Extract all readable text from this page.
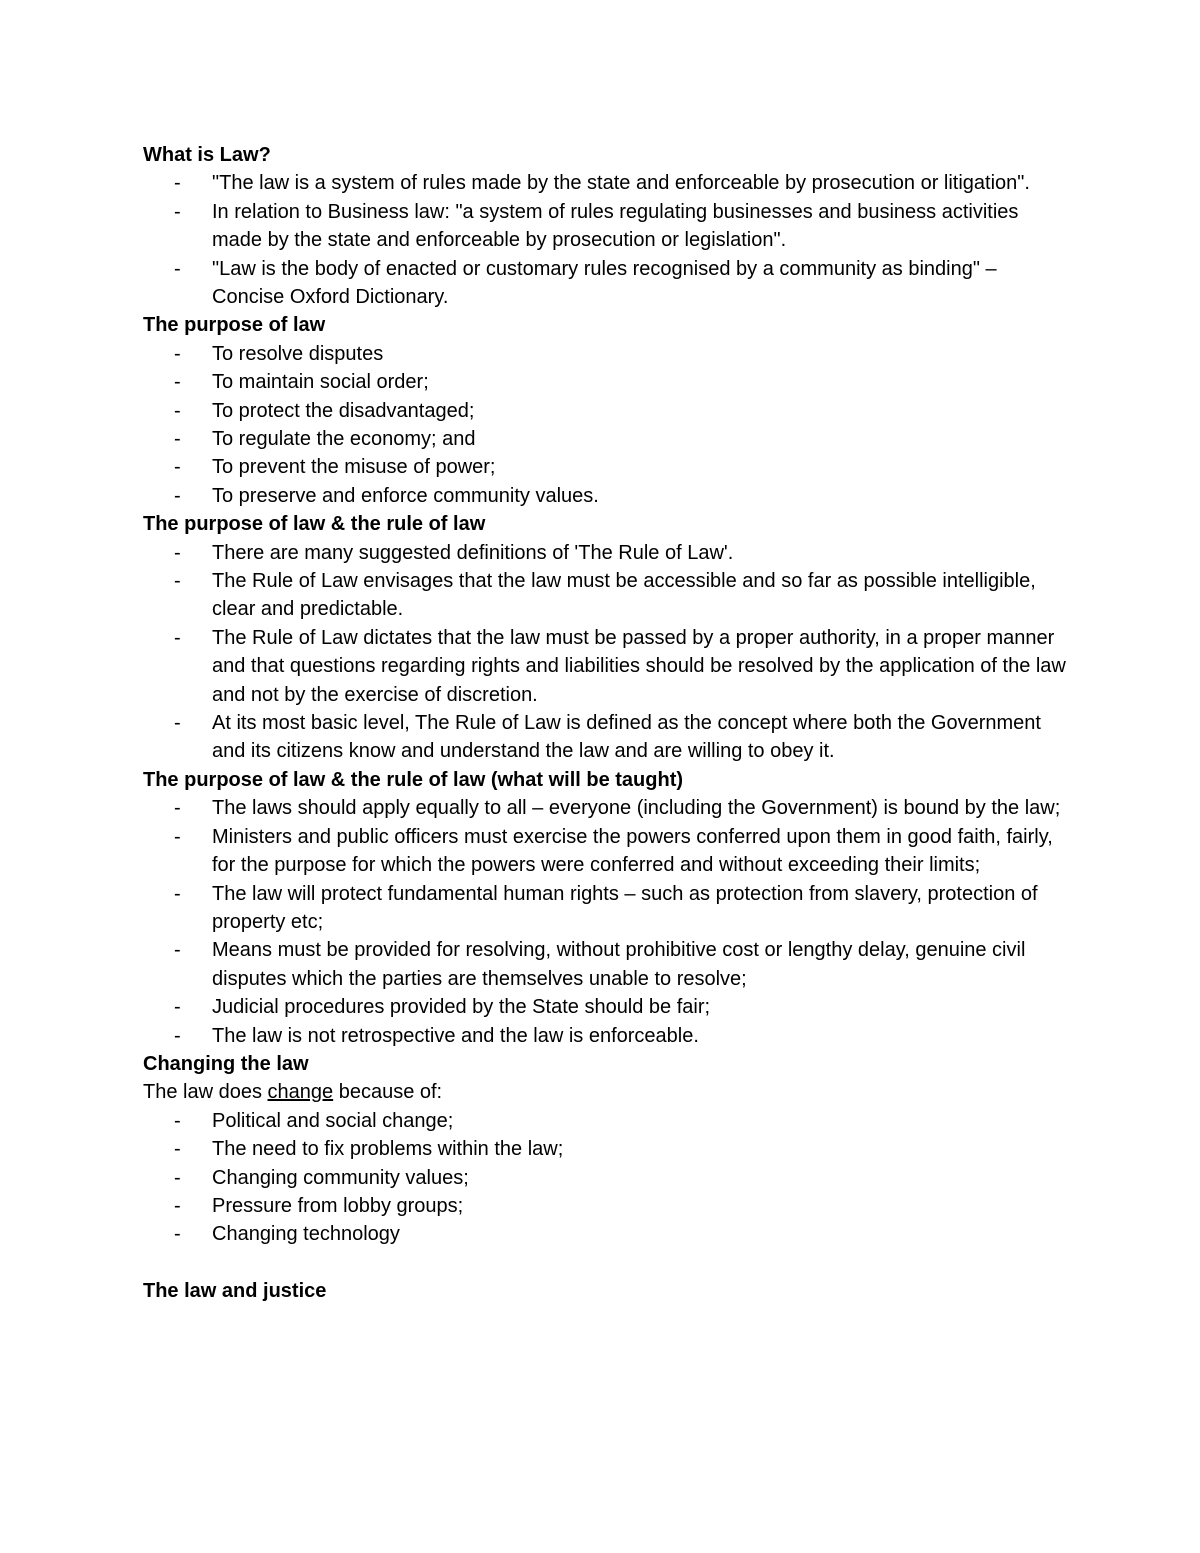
What is Law?
- "The law is a system of rules made by the state and enforceable by prosecution or litigation".
- In relation to Business law: "a system of rules regulating businesses and business activities made by the state and enforceable by prosecution or legislation".
- "Law is the body of enacted or customary rules recognised by a community as binding" – Concise Oxford Dictionary.
The purpose of law
- To resolve disputes
- To maintain social order;
- To protect the disadvantaged;
- To regulate the economy; and
- To prevent the misuse of power;
- To preserve and enforce community values.
The purpose of law & the rule of law
- There are many suggested definitions of 'The Rule of Law'.
- The Rule of Law envisages that the law must be accessible and so far as possible intelligible, clear and predictable.
- The Rule of Law dictates that the law must be passed by a proper authority, in a proper manner and that questions regarding rights and liabilities should be resolved by the application of the law and not by the exercise of discretion.
- At its most basic level, The Rule of Law is defined as the concept where both the Government and its citizens know and understand the law and are willing to obey it.
The purpose of law & the rule of law (what will be taught)
- The laws should apply equally to all – everyone (including the Government) is bound by the law;
- Ministers and public officers must exercise the powers conferred upon them in good faith, fairly, for the purpose for which the powers were conferred and without exceeding their limits;
- The law will protect fundamental human rights – such as protection from slavery, protection of property etc;
- Means must be provided for resolving, without prohibitive cost or lengthy delay, genuine civil disputes which the parties are themselves unable to resolve;
- Judicial procedures provided by the State should be fair;
- The law is not retrospective and the law is enforceable.
Changing the law

The law does change because of:

- Political and social change;
- The need to fix problems within the law;
- Changing community values;
- Pressure from lobby groups;
- Changing technology
The law and justice
